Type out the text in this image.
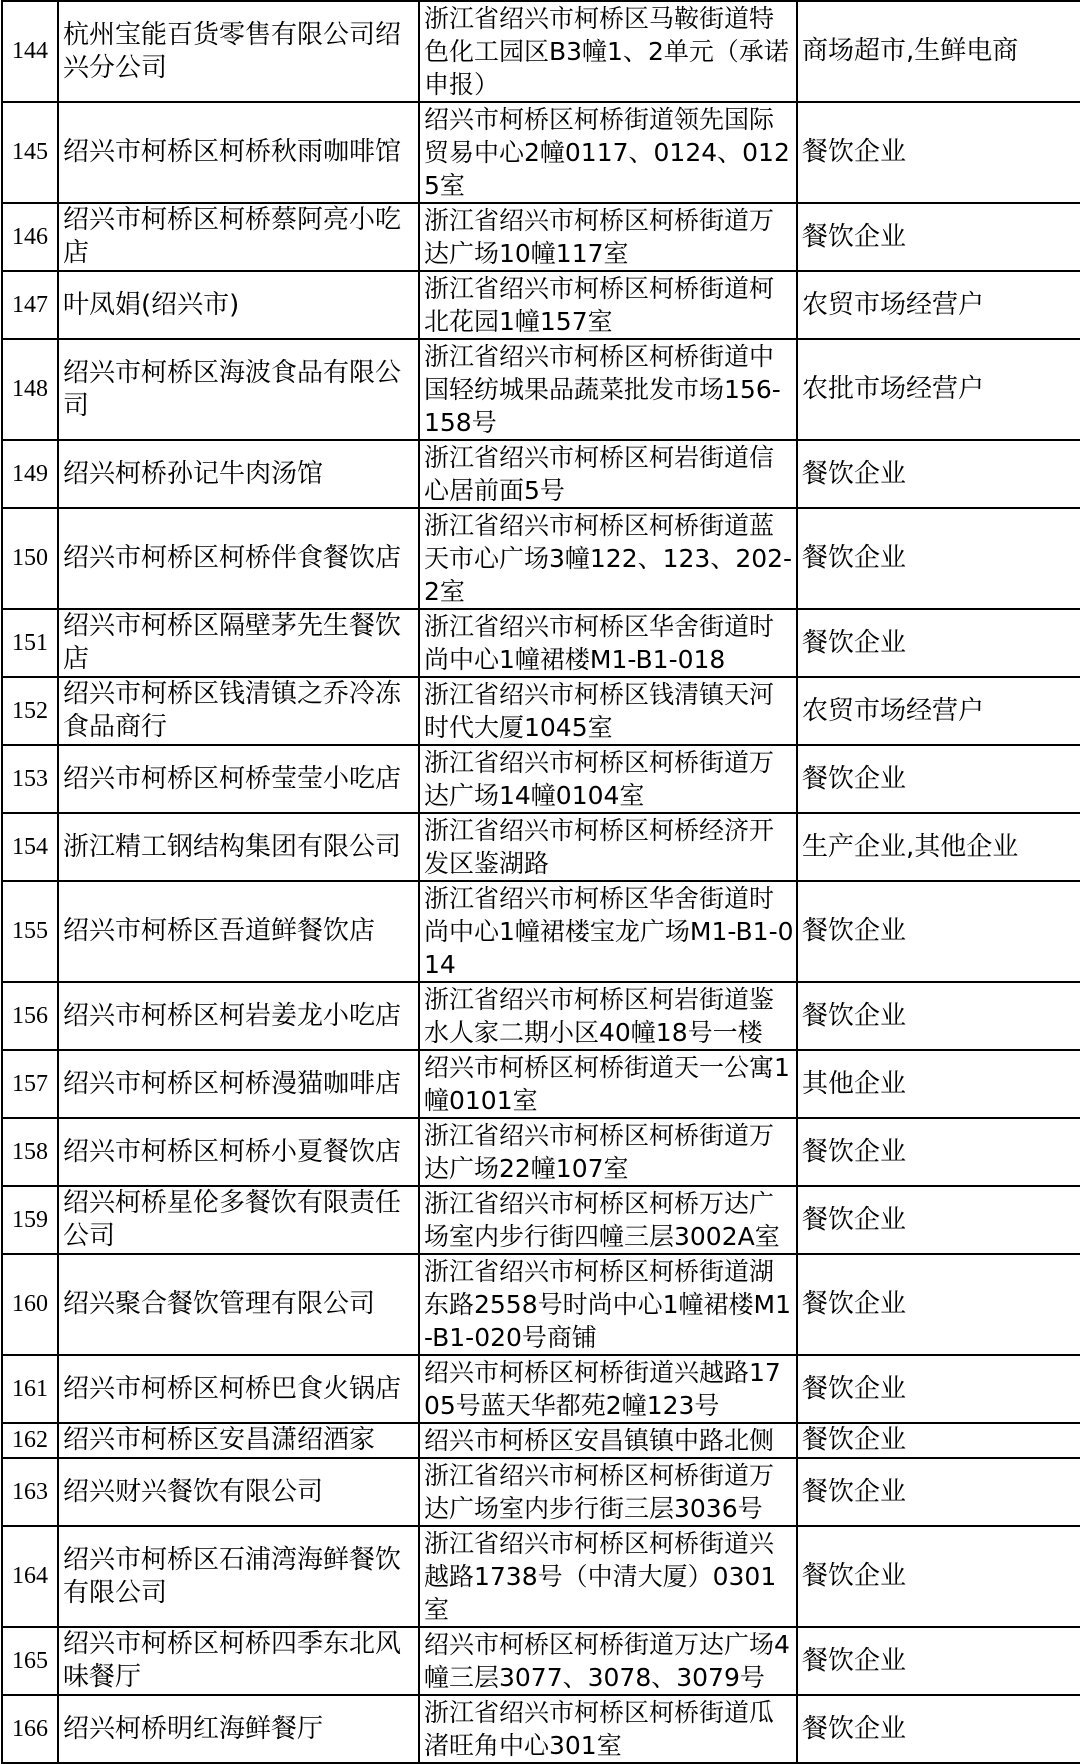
144	杭州宝能百货零售有限公司绍兴分公司	浙江省绍兴市柯桥区马鞍街道特色化工园区B3幢1、2单元（承诺申报）	商场超市,生鲜电商
145	绍兴市柯桥区柯桥秋雨咖啡馆	绍兴市柯桥区柯桥街道领先国际贸易中心2幢0117、0124、0125室	餐饮企业
146	绍兴市柯桥区柯桥蔡阿亮小吃店	浙江省绍兴市柯桥区柯桥街道万达广场10幢117室	餐饮企业
147	叶凤娟(绍兴市)	浙江省绍兴市柯桥区柯桥街道柯北花园1幢157室	农贸市场经营户
148	绍兴市柯桥区海波食品有限公司	浙江省绍兴市柯桥区柯桥街道中国轻纺城果品蔬菜批发市场156-158号	农批市场经营户
149	绍兴柯桥孙记牛肉汤馆	浙江省绍兴市柯桥区柯岩街道信心居前面5号	餐饮企业
150	绍兴市柯桥区柯桥伴食餐饮店	浙江省绍兴市柯桥区柯桥街道蓝天市心广场3幢122、123、202-2室	餐饮企业
151	绍兴市柯桥区隔壁茅先生餐饮店	浙江省绍兴市柯桥区华舍街道时尚中心1幢裙楼M1-B1-018	餐饮企业
152	绍兴市柯桥区钱清镇之乔冷冻食品商行	浙江省绍兴市柯桥区钱清镇天河时代大厦1045室	农贸市场经营户
153	绍兴市柯桥区柯桥莹莹小吃店	浙江省绍兴市柯桥区柯桥街道万达广场14幢0104室	餐饮企业
154	浙江精工钢结构集团有限公司	浙江省绍兴市柯桥区柯桥经济开发区鉴湖路	生产企业,其他企业
155	绍兴市柯桥区吾道鲜餐饮店	浙江省绍兴市柯桥区华舍街道时尚中心1幢裙楼宝龙广场M1-B1-014	餐饮企业
156	绍兴市柯桥区柯岩姜龙小吃店	浙江省绍兴市柯桥区柯岩街道鉴水人家二期小区40幢18号一楼	餐饮企业
157	绍兴市柯桥区柯桥漫猫咖啡店	绍兴市柯桥区柯桥街道天一公寓1幢0101室	其他企业
158	绍兴市柯桥区柯桥小夏餐饮店	浙江省绍兴市柯桥区柯桥街道万达广场22幢107室	餐饮企业
159	绍兴柯桥星伦多餐饮有限责任公司	浙江省绍兴市柯桥区柯桥万达广场室内步行街四幢三层3002A室	餐饮企业
160	绍兴聚合餐饮管理有限公司	浙江省绍兴市柯桥区柯桥街道湖东路2558号时尚中心1幢裙楼M1-B1-020号商铺	餐饮企业
161	绍兴市柯桥区柯桥巴食火锅店	绍兴市柯桥区柯桥街道兴越路1705号蓝天华都苑2幢123号	餐饮企业
162	绍兴市柯桥区安昌潇绍酒家	绍兴市柯桥区安昌镇镇中路北侧	餐饮企业
163	绍兴财兴餐饮有限公司	浙江省绍兴市柯桥区柯桥街道万达广场室内步行街三层3036号	餐饮企业
164	绍兴市柯桥区石浦湾海鲜餐饮有限公司	浙江省绍兴市柯桥区柯桥街道兴越路1738号（中清大厦）0301室	餐饮企业
165	绍兴市柯桥区柯桥四季东北风味餐厅	绍兴市柯桥区柯桥街道万达广场4幢三层3077、3078、3079号	餐饮企业
166	绍兴柯桥明红海鲜餐厅	浙江省绍兴市柯桥区柯桥街道瓜渚旺角中心301室	餐饮企业
